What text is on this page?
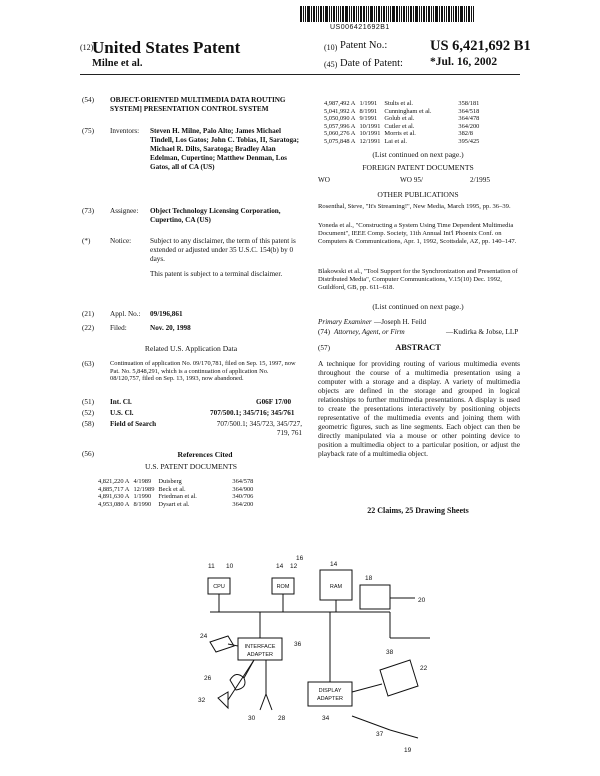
US006421692B1
(12)
United States Patent
Milne et al.
(10) Patent No.:	US 6,421,692 B1
(45) Date of Patent: *Jul. 16, 2002
(54) OBJECT-ORIENTED MULTIMEDIA DATA ROUTING SYSTEM] PRESENTATION CONTROL SYSTEM
(75) Inventors: Steven H. Milne, Palo Alto; James Michael Tindell, Los Gatos; John C. Tobias, II, Saratoga; Michael R. Dilts, Saratoga; Bradley Alan Edelman, Cupertino; Matthew Denman, Los Gatos, all of CA (US)
(73) Assignee: Object Technology Licensing Corporation, Cupertino, CA (US)
(*)	Notice:	Subject to any disclaimer, the term of this patent is extended or adjusted under 35 U.S.C. 154(b) by 0 days.
This patent is subject to a terminal disclaimer.
(21) Appl. No.: 09/196,861
(22) Filed:	Nov. 20, 1998
Related U.S. Application Data
(63)	Continuation of application No. 09/170,781, filed on Sep. 15, 1997, now Pat. No. 5,848,291, which is a continuation of application No. 08/120,757, filed on Sep. 13, 1993, now abandoned.
(51) Int. Cl.	G06F 17/00
(52) U.S. Cl.	707/500.1; 345/716; 345/761
(58) Field of Search	707/500.1; 345/723, 345/727, 719, 761
(56)	References Cited
U.S. PATENT DOCUMENTS
4,821,220 A	4/1989	Duisberg	364/578
4,885,717 A	12/1989	Beck et al.	364/900
4,891,630 A	1/1990	Friedman et al.	340/706
4,953,080 A	8/1990	Dysart et al.	364/200
4,987,492 A	1/1991	Stults et al.	358/181
5,041,992 A	8/1991	Cunningham et al.	364/518
5,050,090 A	9/1991	Golub et al.	364/478
5,057,996 A	10/1991	Cutler et al.	364/200
5,060,276 A	10/1991	Morris et al.	382/8
5,075,848 A	12/1991	Lai et al.	395/425
(List continued on next page.)
FOREIGN PATENT DOCUMENTS
WO	WO 95/	2/1995
OTHER PUBLICATIONS
Rosenthal, Steve, "It's Streaming!", New Media, March 1995, pp. 36–39.
Yoneda et al., "Constructing a System Using Time Dependent Multimedia Document", IEEE Comp. Society, 11th Annual Int'l Phoenix Conf. on Computers & Communications, Apr. 1, 1992, Scottsdale, AZ, pp. 140–147.
Blakowski et al., "Tool Support for the Synchronization and Presentation of Distributed Media", Computer Communications, V.15(10) Dec. 1992, Guildford, GB, pp. 611–618.
(List continued on next page.)
Primary Examiner —Joseph H. Feild
(74) Attorney, Agent, or Firm	—Kudirka & Jobse, LLP
(57)	ABSTRACT
A technique for providing routing of various multimedia events throughout the course of a multimedia presentation using a computer with a storage and a display. A variety of multimedia objects are defined in the storage and grouped in logical relationships to further multimedia presentations. A display is used to create the presentations interactively by positioning objects representative of the multimedia events and joining them with geometric figures, such as line segments. Each object can then be directly manipulated via a mouse or other pointing device to position a multimedia object to a particular position, or adjust the playback rate of a multimedia object.
22 Claims, 25 Drawing Sheets
11 10	14 12
16
14
18
20
24
36
38
26
32
30
22
28	34
37
19
CPU	ROM	RAM
INTERFACE
ADAPTER
DISPLAY
ADAPTER
